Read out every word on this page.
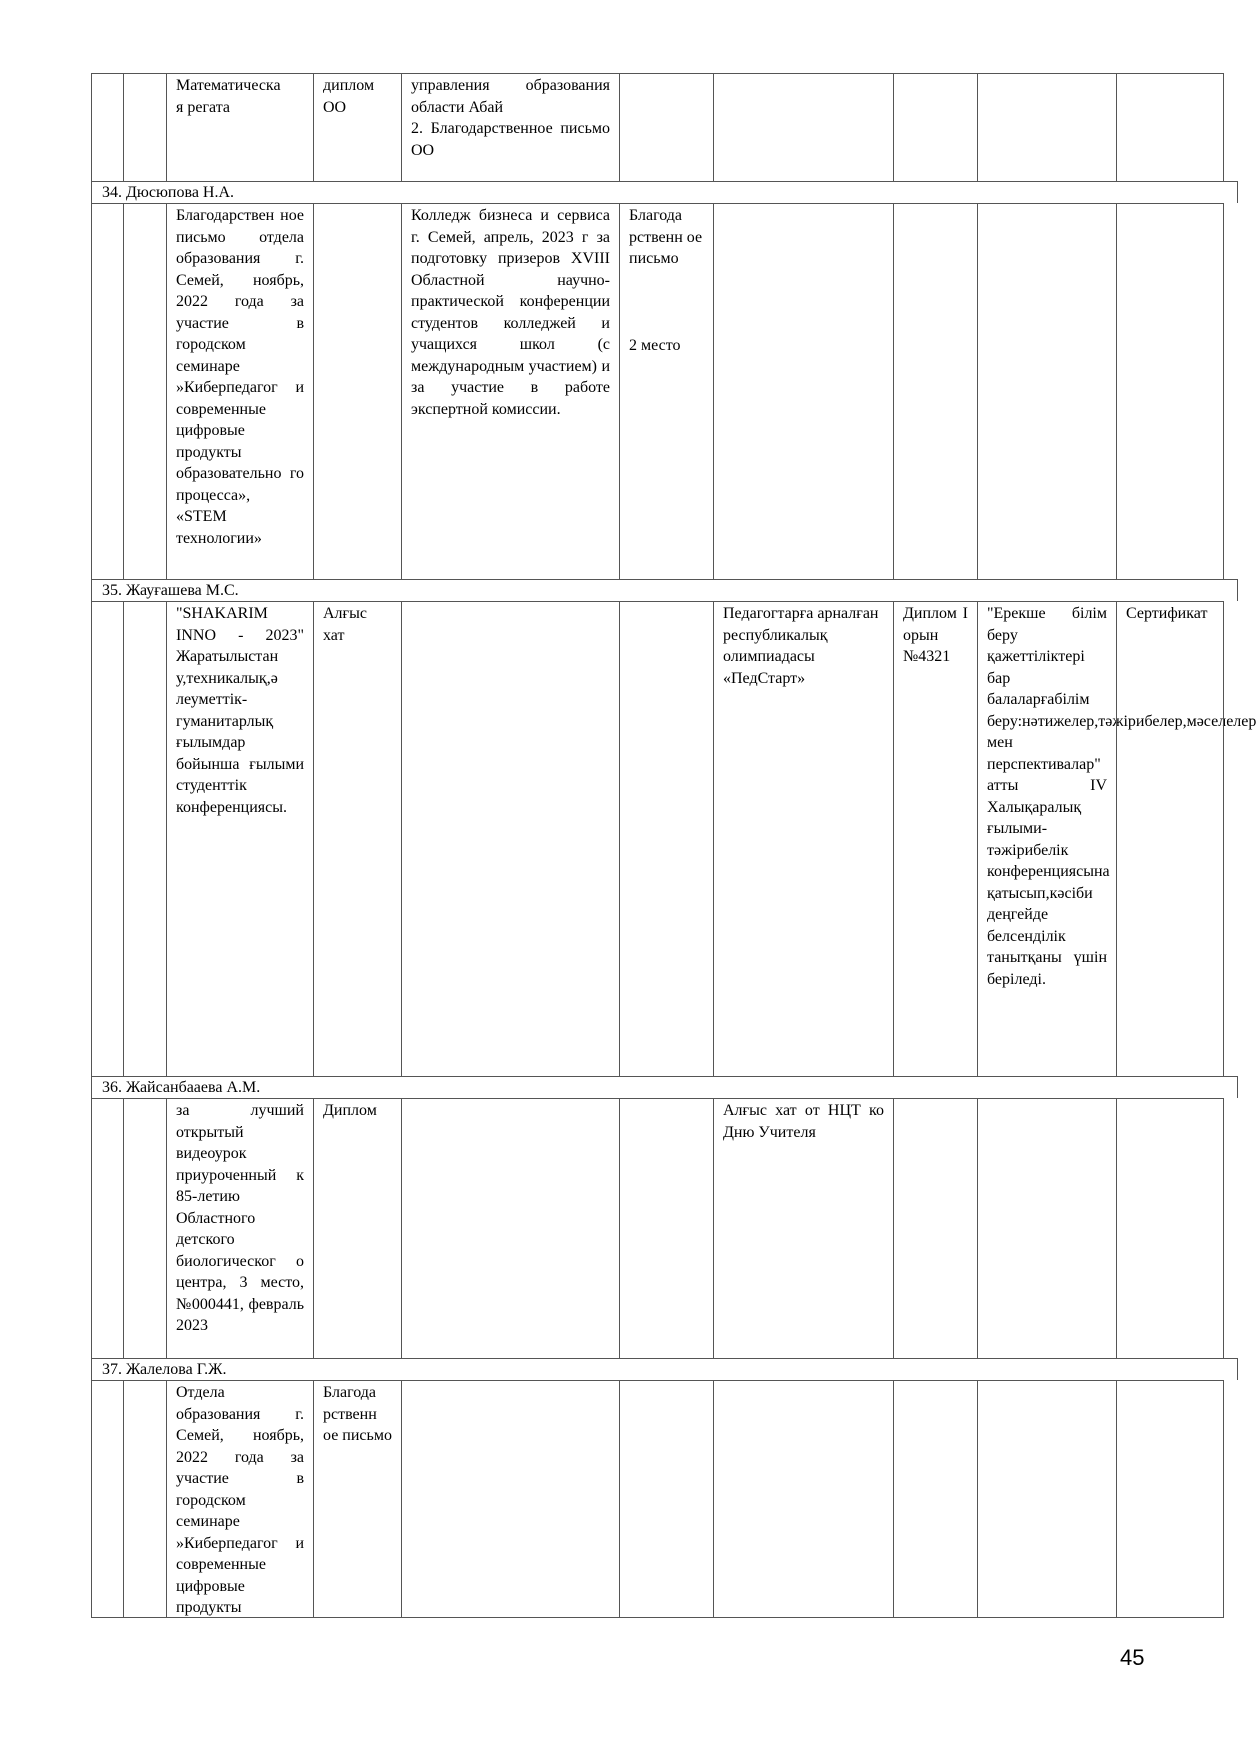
Математическа
я регата
диплом
ОО
управления образования области Абай
2. Благодарственное письмо ОО
34. Дюсюпова Н.А.
Благодарствен ное письмо отдела образования г. Семей, ноябрь, 2022 года за участие в городском семинаре »Киберпедагог и современные цифровые продукты образовательно го процесса», «STEM технологии»
Колледж бизнеса и сервиса г. Семей, апрель, 2023 г за подготовку призеров XVIII Областной научно- практической конференции студентов колледжей и учащихся школ (с международным участием) и за участие в работе экспертной комиссии.
Благода рственн ое письмо
2 место
35. Жауғашева М.С.
"SHAKARIM INNO - 2023" Жаратылыстан у,техникалық,ә леуметтік-гуманитарлық ғылымдар бойынша ғылыми студенттік конференциясы.
Алғыс хат
Педагогтарға арналған республикалық олимпиадасы «ПедСтарт»
Диплом I орын №4321
"Ерекше білім беру қажеттіліктері бар балаларғабілім беру:нәтижелер,тәжірибелер,мәселелер мен перспективалар" атты IV Халықаралық ғылыми-тәжірибелік конференциясына қатысып,кәсіби деңгейде белсенділік танытқаны үшін беріледі.
Сертификат
36. Жайсанбаaева А.М.
за лучший открытый видеоурок приуроченный к 85-летию Областного детского биологическог о центра, 3 место, №000441, февраль 2023
Диплом	Алғыс хат от НЦТ ко Дню Учителя
37. Жалелова Г.Ж.
Отдела образования г. Семей, ноябрь, 2022 года за участие в городском семинаре »Киберпедагог и современные цифровые продукты
Благода рственн ое письмо
45
